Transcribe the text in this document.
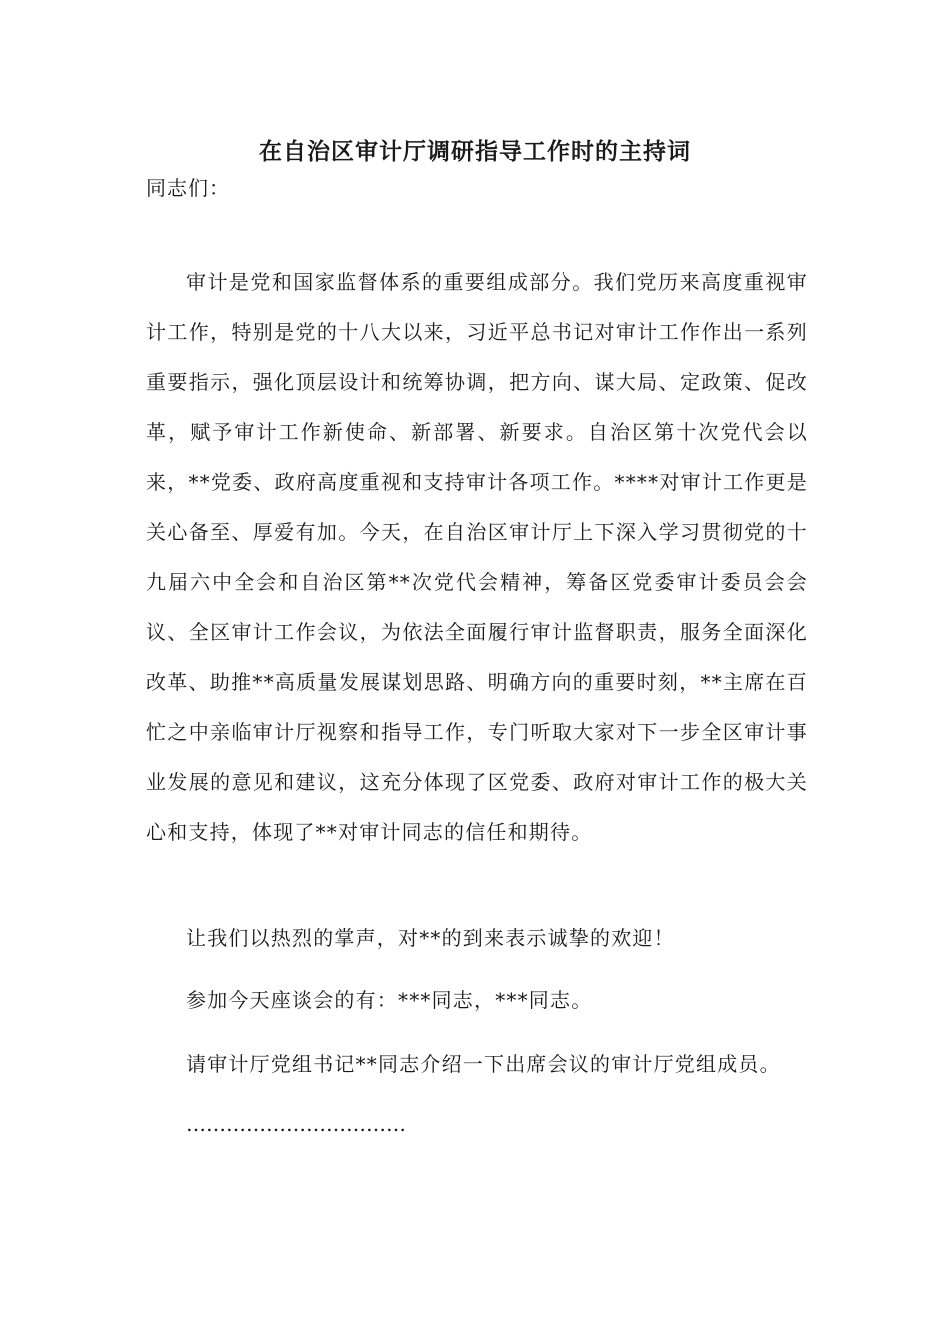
在自治区审计厅调研指导工作时的主持词

同志们：

审计是党和国家监督体系的重要组成部分。我们党历来高度重视审计工作，特别是党的十八大以来，习近平总书记对审计工作作出一系列重要指示，强化顶层设计和统筹协调，把方向、谋大局、定政策、促改革，赋予审计工作新使命、新部署、新要求。自治区第十次党代会以来，**党委、政府高度重视和支持审计各项工作。****对审计工作更是关心备至、厚爱有加。今天，在自治区审计厅上下深入学习贯彻党的十九届六中全会和自治区第**次党代会精神，筹备区党委审计委员会会议、全区审计工作会议，为依法全面履行审计监督职责，服务全面深化改革、助推**高质量发展谋划思路、明确方向的重要时刻，**主席在百忙之中亲临审计厅视察和指导工作，专门听取大家对下一步全区审计事业发展的意见和建议，这充分体现了区党委、政府对审计工作的极大关心和支持，体现了**对审计同志的信任和期待。

让我们以热烈的掌声，对**的到来表示诚挚的欢迎！

参加今天座谈会的有：***同志，***同志。

请审计厅党组书记**同志介绍一下出席会议的审计厅党组成员。

……………………………
